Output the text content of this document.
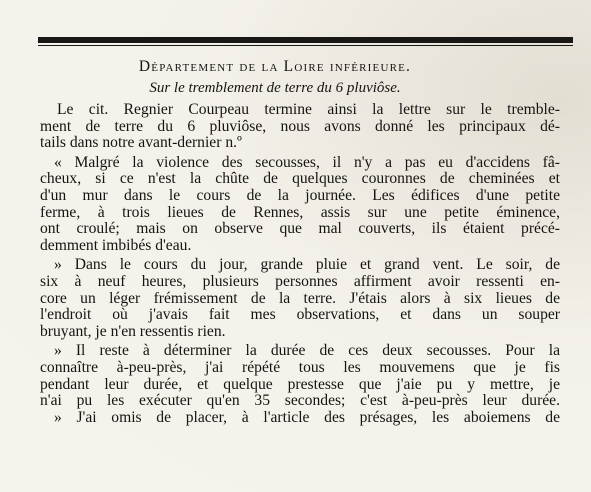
Département de la Loire inférieure.
Sur le tremblement de terre du 6 pluviôse.
Le cit. Regnier Courpeau termine ainsi la lettre sur le tremble-
ment de terre du 6 pluviôse, nous avons donné les principaux dé-
tails dans notre avant-dernier n.º
« Malgré la violence des secousses, il n'y a pas eu d'accidens fâ-
cheux, si ce n'est la chûte de quelques couronnes de cheminées et
d'un mur dans le cours de la journée. Les édifices d'une petite
ferme, à trois lieues de Rennes, assis sur une petite éminence,
ont croulé; mais on observe que mal couverts, ils étaient précé-
demment imbibés d'eau.
» Dans le cours du jour, grande pluie et grand vent. Le soir, de
six à neuf heures, plusieurs personnes affirment avoir ressenti en-
core un léger frémissement de la terre. J'étais alors à six lieues de
l'endroit où j'avais fait mes observations, et dans un souper
bruyant, je n'en ressentis rien.
» Il reste à déterminer la durée de ces deux secousses. Pour la
connaître à-peu-près, j'ai répété tous les mouvemens que je fis
pendant leur durée, et quelque prestesse que j'aie pu y mettre, je
n'ai pu les exécuter qu'en 35 secondes; c'est à-peu-près leur durée.
» J'ai omis de placer, à l'article des présages, les aboiemens de
